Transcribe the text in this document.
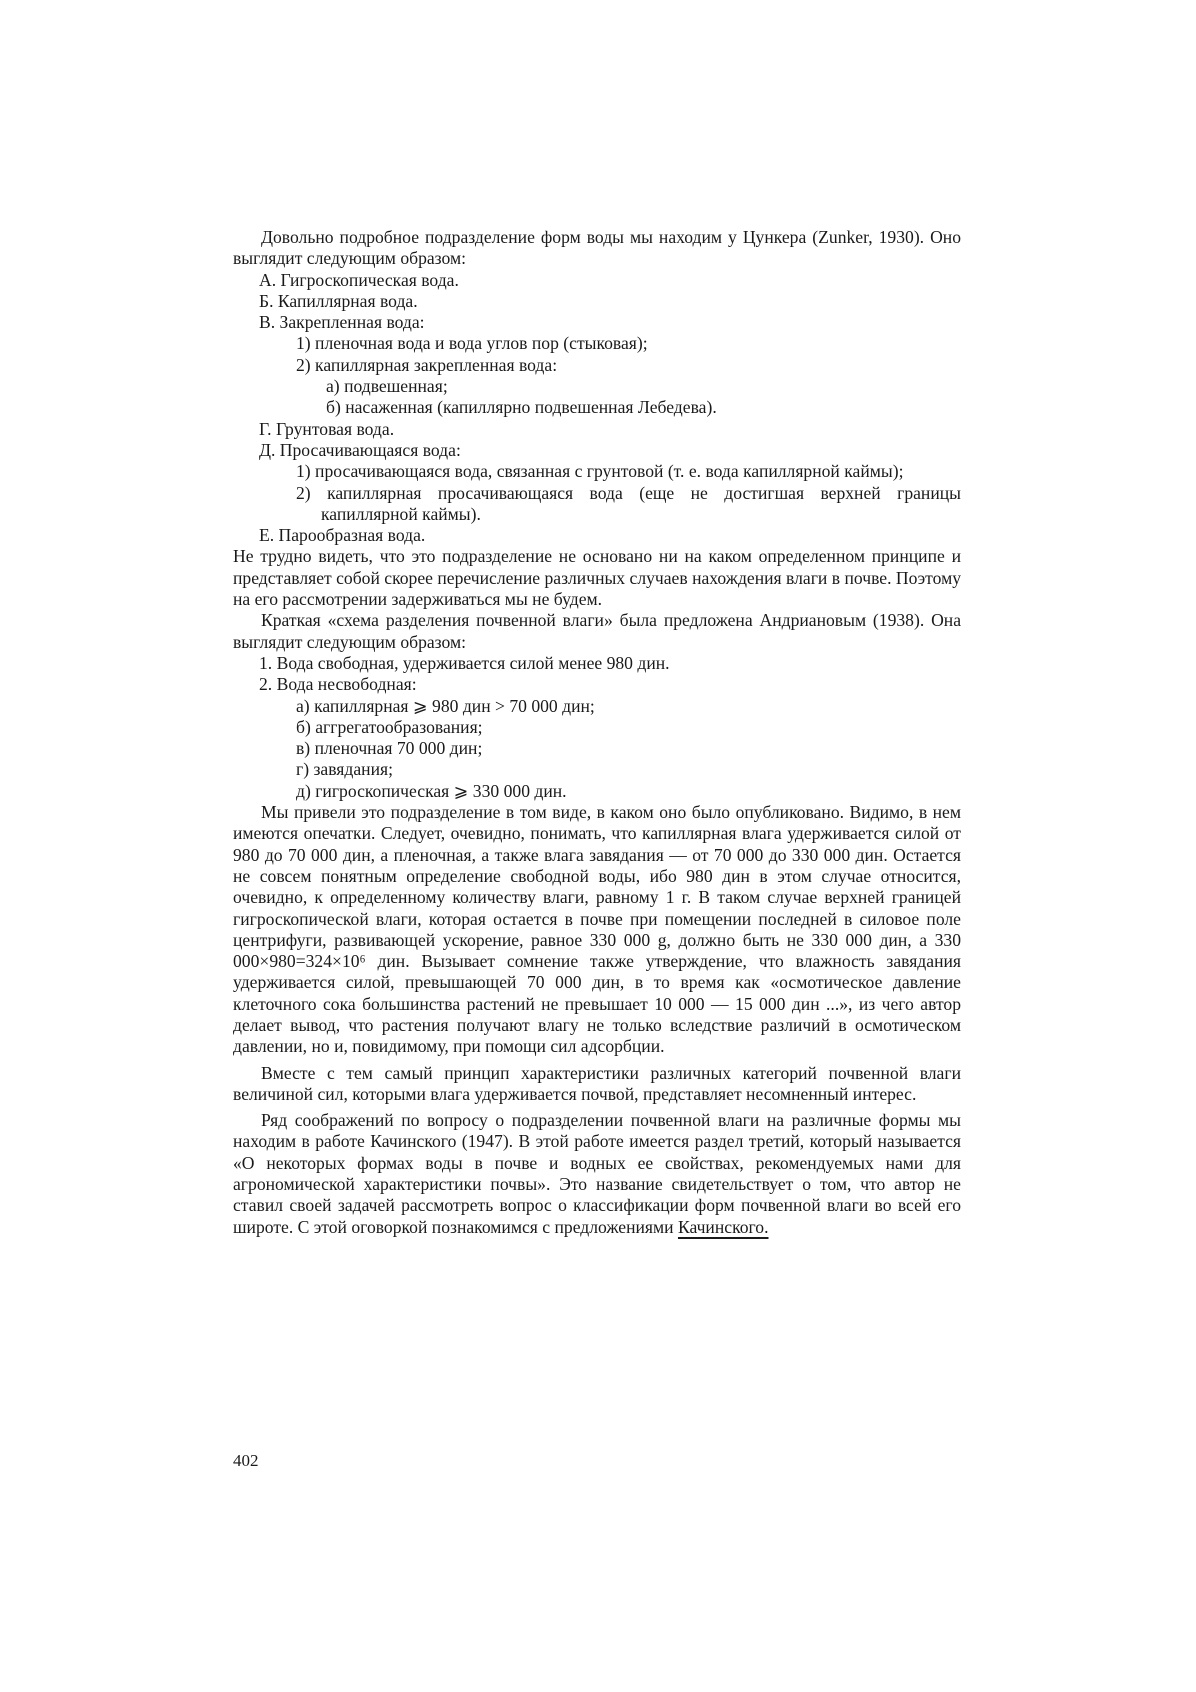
Довольно подробное подразделение форм воды мы находим у Цункера (Zunker, 1930). Оно выглядит следующим образом:

А. Гигроскопическая вода.

Б. Капиллярная вода.

В. Закрепленная вода:

1) пленочная вода и вода углов пор (стыковая);

2) капиллярная закрепленная вода:

а) подвешенная;

б) насаженная (капиллярно подвешенная Лебедева).

Г. Грунтовая вода.

Д. Просачивающаяся вода:

1) просачивающаяся вода, связанная с грунтовой (т. е. вода капиллярной каймы);

2) капиллярная просачивающаяся вода (еще не достигшая верхней границы капиллярной каймы).

Е. Парообразная вода.

Не трудно видеть, что это подразделение не основано ни на каком определенном принципе и представляет собой скорее перечисление различных случаев нахождения влаги в почве. Поэтому на его рассмотрении задерживаться мы не будем.

Краткая «схема разделения почвенной влаги» была предложена Андриановым (1938). Она выглядит следующим образом:

1. Вода свободная, удерживается силой менее 980 дин.

2. Вода несвободная:

а) капиллярная ⩾ 980 дин > 70 000 дин;

б) аггрегатообразования;

в) пленочная 70 000 дин;

г) завядания;

д) гигроскопическая ⩾ 330 000 дин.

Мы привели это подразделение в том виде, в каком оно было опубликовано. Видимо, в нем имеются опечатки. Следует, очевидно, понимать, что капиллярная влага удерживается силой от 980 до 70 000 дин, а пленочная, а также влага завядания — от 70 000 до 330 000 дин. Остается не совсем понятным определение свободной воды, ибо 980 дин в этом случае относится, очевидно, к определенному количеству влаги, равному 1 г. В таком случае верхней границей гигроскопической влаги, которая остается в почве при помещении последней в силовое поле центрифуги, развивающей ускорение, равное 330 000 g, должно быть не 330 000 дин, а 330 000×980=324×10⁶ дин. Вызывает сомнение также утверждение, что влажность завядания удерживается силой, превышающей 70 000 дин, в то время как «осмотическое давление клеточного сока большинства растений не превышает 10 000 — 15 000 дин ...», из чего автор делает вывод, что растения получают влагу не только вследствие различий в осмотическом давлении, но и, повидимому, при помощи сил адсорбции.

Вместе с тем самый принцип характеристики различных категорий почвенной влаги величиной сил, которыми влага удерживается почвой, представляет несомненный интерес.

Ряд соображений по вопросу о подразделении почвенной влаги на различные формы мы находим в работе Качинского (1947). В этой работе имеется раздел третий, который называется «О некоторых формах воды в почве и водных ее свойствах, рекомендуемых нами для агрономической характеристики почвы». Это название свидетельствует о том, что автор не ставил своей задачей рассмотреть вопрос о классификации форм почвенной влаги во всей его широте. С этой оговоркой познакомимся с предложениями Качинского.

402
